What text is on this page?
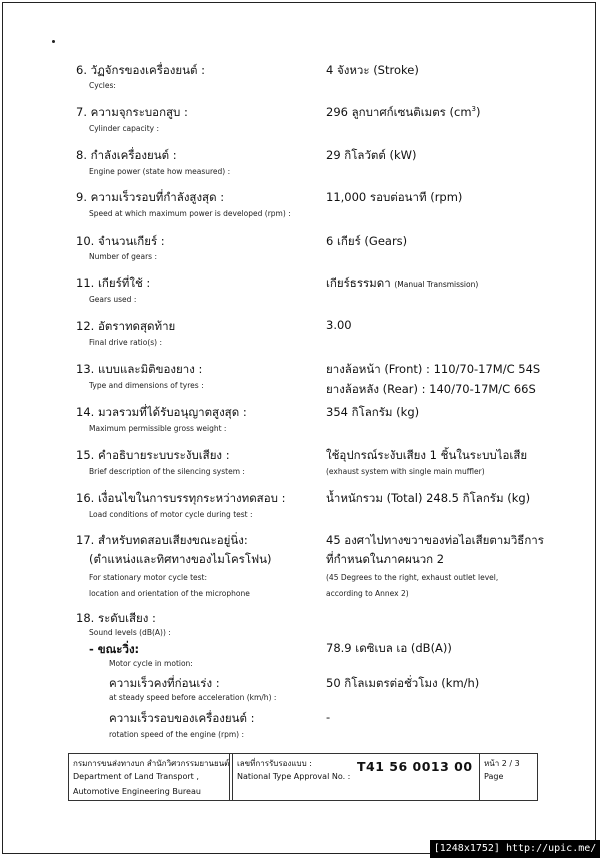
6. วัฏจักรของเครื่องยนต์ :
Cycles:
4 จังหวะ (Stroke)
7. ความจุกระบอกสูบ :
Cylinder capacity :
296 ลูกบาศก์เซนติเมตร $(cm^3)$
8. กำลังเครื่องยนต์ :
Engine power (state how measured) :
29 กิโลวัตต์ (kW)
9. ความเร็วรอบที่กำลังสูงสุด :
Speed at which maximum power is developed (rpm) :
11,000 รอบต่อนาที (rpm)
10. จำนวนเกียร์ :
Number of gears :
6 เกียร์ (Gears)
11. เกียร์ที่ใช้ :
Gears used :
เกียร์ธรรมดา (Manual Transmission)
12. อัตราทดสุดท้าย
Final drive ratio(s) :
3.00
13. แบบและมิติของยาง :
Type and dimensions of tyres :
ยางล้อหน้า (Front) : 110/70-17M/C 54S
ยางล้อหลัง (Rear) : 140/70-17M/C 66S
14. มวลรวมที่ได้รับอนุญาตสูงสุด :
Maximum permissible gross weight :
354 กิโลกรัม (kg)
15. คำอธิบายระบบระงับเสียง :
Brief description of the silencing system :
ใช้อุปกรณ์ระงับเสียง 1 ชิ้นในระบบไอเสีย
(exhaust system with single main muffler)
16. เงื่อนไขในการบรรทุกระหว่างทดสอบ :
Load conditions of motor cycle during test :
น้ำหนักรวม (Total) 248.5 กิโลกรัม (kg)
17. สำหรับทดสอบเสียงขณะอยู่นิ่ง:
(ตำแหน่งและทิศทางของไมโครโฟน)
For stationary motor cycle test:
location and orientation of the microphone
45 องศาไปทางขวาของท่อไอเสียตามวิธีการ
ที่กำหนดในภาคผนวก 2
(45 Degrees to the right, exhaust outlet level,
according to Annex 2)
18. ระดับเสียง :
Sound levels (dB(A)) :
- ขณะวิ่ง:
Motor cycle in motion:
78.9 เดซิเบล เอ (dB(A))
ความเร็วคงที่ก่อนเร่ง :
at steady speed before acceleration (km/h) :
50 กิโลเมตรต่อชั่วโมง (km/h)
ความเร็วรอบของเครื่องยนต์ :
rotation speed of the engine (rpm) :
-
กรมการขนส่งทางบก สำนักวิศวกรรมยานยนต์
Department of Land Transport ,
Automotive Engineering Bureau
เลขที่การรับรองแบบ :
National Type Approval No. :
T41 56 0013 00 หน้า 2 / 3
Page
[1248x1752] http://upic.me/
